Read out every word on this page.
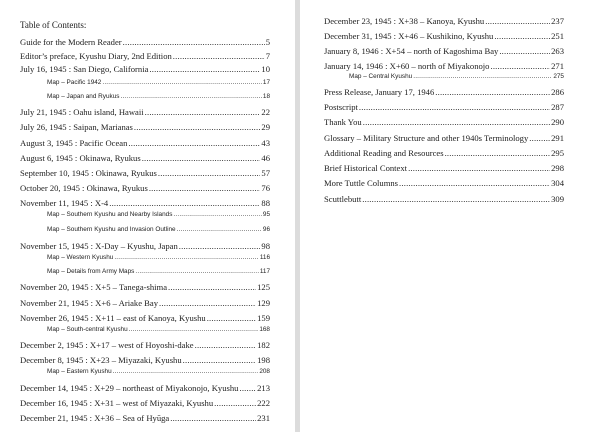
Table of Contents:
Guide for the Modern Reader .....	5
Editor’s preface, Kyushu Diary, 2nd Edition .....	7
July 16, 1945 : San Diego, California .....	10
Map – Pacific 1942 .....	17
Map – Japan and Ryukus .....	18
July 21, 1945 : Oahu island, Hawaii .....	22
July 26, 1945 : Saipan, Marianas .....	29
August 3, 1945 : Pacific Ocean .....	43
August 6, 1945 : Okinawa, Ryukus .....	46
September 10, 1945 : Okinawa, Ryukus .....	57
October 20, 1945 : Okinawa, Ryukus .....	76
November 11, 1945 : X-4 .....	88
Map – Southern Kyushu and Nearby Islands .....	95
Map – Southern Kyushu and Invasion Outline .....	96
November 15, 1945 : X-Day – Kyushu, Japan .....	98
Map – Western Kyushu .....	116
Map – Details from Army Maps .....	117
November 20, 1945 : X+5 – Tanega-shima .....	125
November 21, 1945 : X+6 – Ariake Bay .....	129
November 26, 1945 : X+11 – east of Kanoya, Kyushu .....	159
Map – South-central Kyushu .....	168
December 2, 1945 : X+17 – west of Hoyoshi-dake .....	182
December 8, 1945 : X+23 – Miyazaki, Kyushu .....	198
Map – Eastern Kyushu .....	208
December 14, 1945 : X+29 – northeast of Miyakonojo, Kyushu ..... 213
December 16, 1945 : X+31 – west of Miyazaki, Kyushu .....	222
December 21, 1945 : X+36 – Sea of Hyūga .....	231
December 23, 1945 : X+38 – Kanoya, Kyushu .....	237
December 31, 1945 : X+46 – Kushikino, Kyushu .....	251
January 8, 1946 : X+54 – north of Kagoshima Bay .....	263
January 14, 1946 : X+60 – north of Miyakonojo .....	271
Map – Central Kyushu .....	275
Press Release, January 17, 1946 .....	286
Postscript .....	287
Thank You .....	290
Glossary – Military Structure and other 1940s Terminology .....	291
Additional Reading and Resources .....	295
Brief Historical Context .....	298
More Tuttle Columns .....	304
Scuttlebutt .....	309
